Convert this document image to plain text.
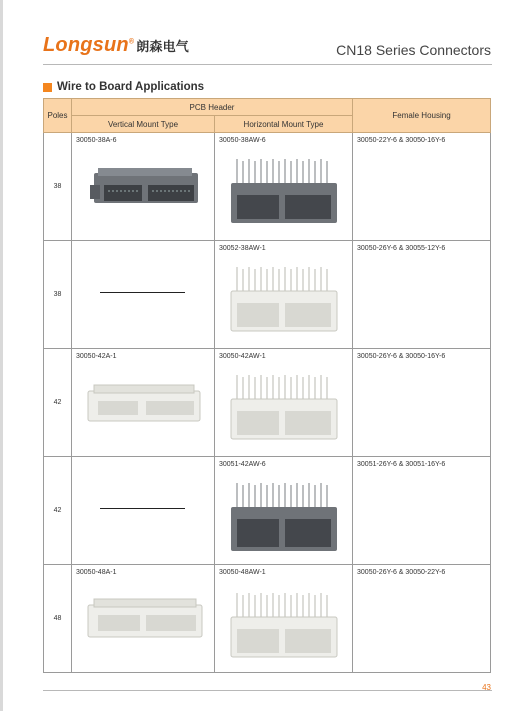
Longsun® 朗森电气	CN18 Series Connectors
Wire to Board Applications
Poles	PCB Header		Female Housing
	Vertical Mount Type	Horizontal Mount Type	
38	30050-38A-6	30050-38AW-6	30050-22Y-6 & 30050-16Y-6

38		30052-38AW-1	30050-26Y-6 & 30055-12Y-6

42	30050-42A-1	30050-42AW-1	30050-26Y-6 & 30050-16Y-6

42		30051-42AW-6	30051-26Y-6 & 30051-16Y-6

48	30050-48A-1	30050-48AW-1	30050-26Y-6 & 30050-22Y-6
43
